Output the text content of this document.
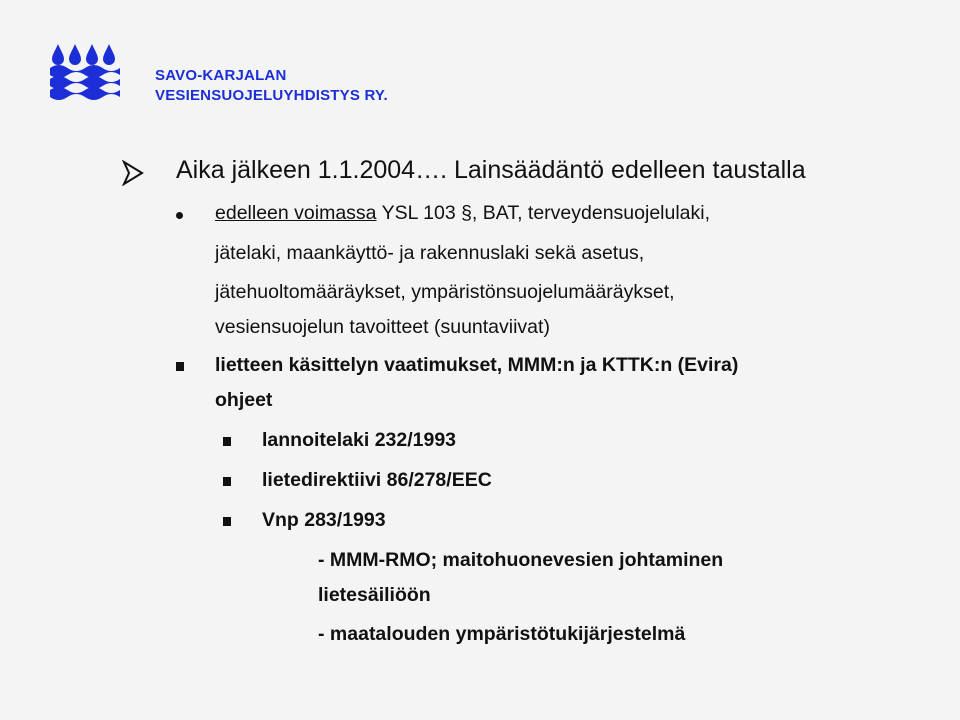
SAVO-KARJALAN
VESIENSUOJELUYHDISTYS RY.
Aika jälkeen 1.1.2004…. Lainsäädäntö edelleen taustalla
edelleen voimassa YSL 103 §, BAT, terveydensuojelulaki,
jätelaki, maankäyttö- ja rakennuslaki sekä asetus,
jätehuoltomääräykset, ympäristönsuojelumääräykset,
vesiensuojelun tavoitteet (suuntaviivat)
lietteen käsittelyn vaatimukset, MMM:n ja KTTK:n (Evira)
ohjeet
lannoitelaki 232/1993
lietedirektiivi 86/278/EEC
Vnp 283/1993
- MMM-RMO; maitohuonevesien johtaminen
lietesäiliöön
- maatalouden ympäristötukijärjestelmä
